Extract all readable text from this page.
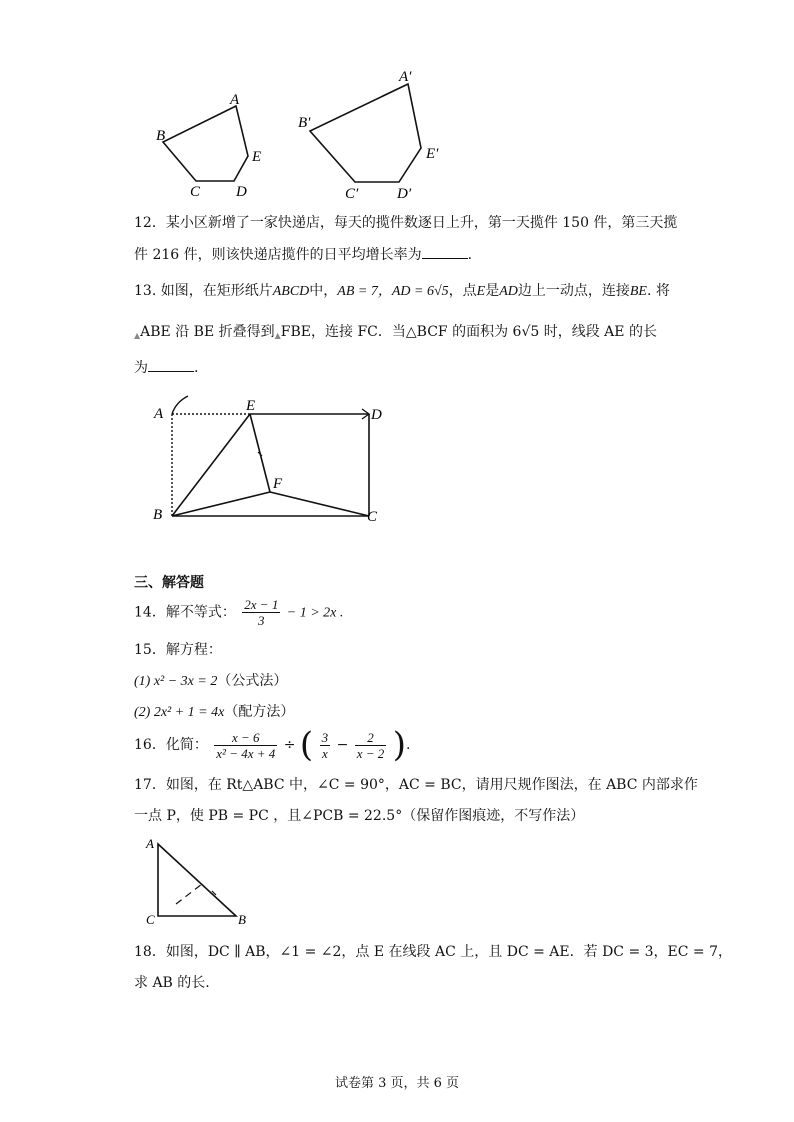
A
B
C D
E
A′
B′
C′	D′
E′
12．某小区新增了一家快递店，每天的揽件数逐日上升，第一天揽件 150 件，第三天揽
件 216 件，则该快递店揽件的日平均增长率为	.
13. 如图，在矩形纸片ABCD中，AB = 7，AD = 6√5，点E是AD边上一动点，连接BE. 将
▲ABE 沿 BE 折叠得到▲FBE，连接 FC．当△BCF 的面积为 6√5 时，线段 AE 的长
为	.
A	E
D
F
B	C
三、解答题
14．解不等式： $\frac{2x - 1}{3} - 1 > 2x$ .
15．解方程：
(1) x² − 3x = 2（公式法）
(2) 2x² + 1 = 4x（配方法）
16．化简： $\frac{x - 6}{\text{x² − 4x + 4}}$ ÷ ( $\frac{3}{x} - \frac{2}{x - 2}$ ).
17．如图，在 Rt△ABC 中，∠C = 90°，AC = BC，请用尺规作图法，在 ABC 内部求作
一点 P，使 PB = PC ，且∠PCB = 22.5°（保留作图痕迹，不写作法）
A
C	B
18．如图，DC ∥ AB，∠1 = ∠2，点 E 在线段 AC 上，且 DC = AE．若 DC = 3，EC = 7，
求 AB 的长.
试卷第 3 页，共 6 页
